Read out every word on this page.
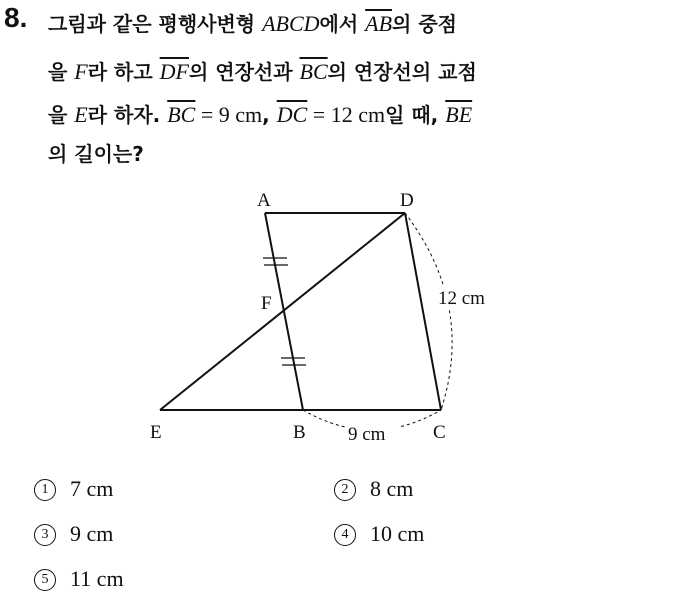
8. 그림과 같은 평행사변형 ABCD에서 $\overline{AB}$의 중점
을 F라 하고 $\overline{DF}$의 연장선과 $\overline{BC}$의 연장선의 교점
을 E라 하자. $\overline{BC} = 9$ cm, $\overline{DC} = 12$ cm일 때, $\overline{BE}$
의 길이는?
A	D
F
E	B	C
12 cm
9 cm
1 7 cm	2 8 cm
3 9 cm	4 10 cm
5 11 cm
